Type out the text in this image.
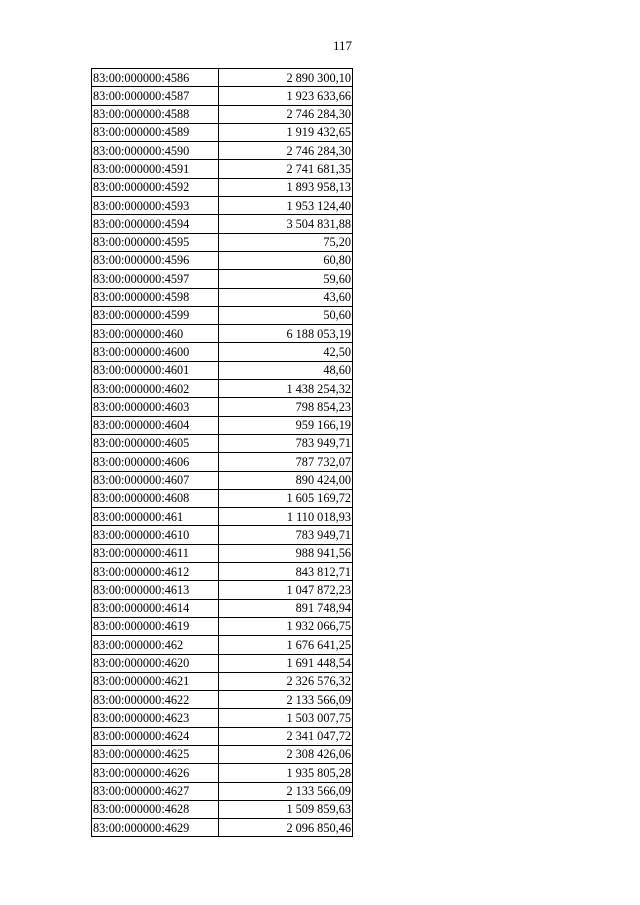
117
83:00:000000:4586	2 890 300,10
83:00:000000:4587	1 923 633,66
83:00:000000:4588	2 746 284,30
83:00:000000:4589	1 919 432,65
83:00:000000:4590	2 746 284,30
83:00:000000:4591	2 741 681,35
83:00:000000:4592	1 893 958,13
83:00:000000:4593	1 953 124,40
83:00:000000:4594	3 504 831,88
83:00:000000:4595	75,20
83:00:000000:4596	60,80
83:00:000000:4597	59,60
83:00:000000:4598	43,60
83:00:000000:4599	50,60
83:00:000000:460	6 188 053,19
83:00:000000:4600	42,50
83:00:000000:4601	48,60
83:00:000000:4602	1 438 254,32
83:00:000000:4603	798 854,23
83:00:000000:4604	959 166,19
83:00:000000:4605	783 949,71
83:00:000000:4606	787 732,07
83:00:000000:4607	890 424,00
83:00:000000:4608	1 605 169,72
83:00:000000:461	1 110 018,93
83:00:000000:4610	783 949,71
83:00:000000:4611	988 941,56
83:00:000000:4612	843 812,71
83:00:000000:4613	1 047 872,23
83:00:000000:4614	891 748,94
83:00:000000:4619	1 932 066,75
83:00:000000:462	1 676 641,25
83:00:000000:4620	1 691 448,54
83:00:000000:4621	2 326 576,32
83:00:000000:4622	2 133 566,09
83:00:000000:4623	1 503 007,75
83:00:000000:4624	2 341 047,72
83:00:000000:4625	2 308 426,06
83:00:000000:4626	1 935 805,28
83:00:000000:4627	2 133 566,09
83:00:000000:4628	1 509 859,63
83:00:000000:4629	2 096 850,46
